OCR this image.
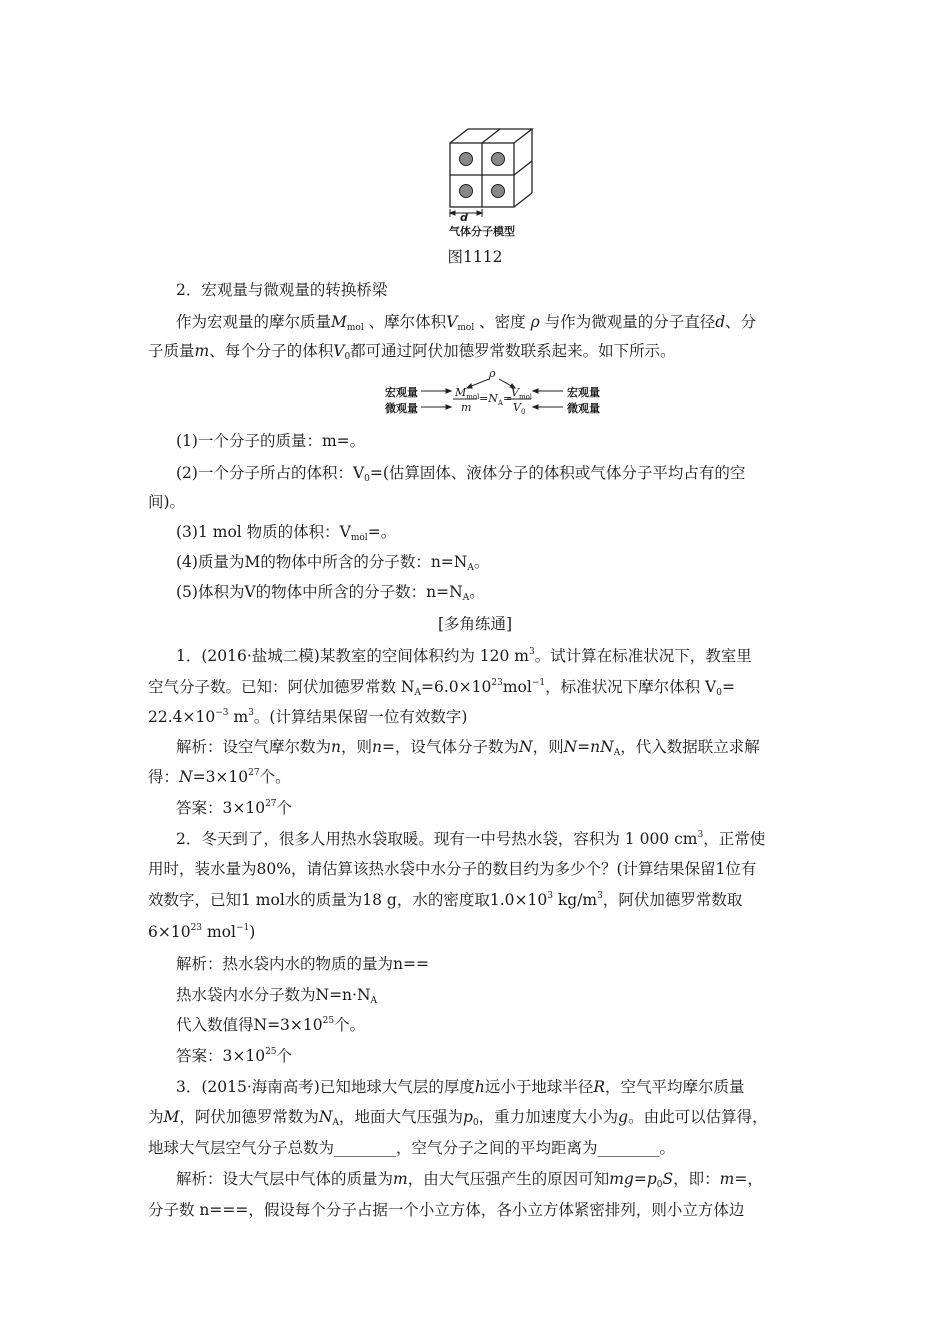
d
气体分子模型
图1112
2．宏观量与微观量的转换桥梁
作为宏观量的摩尔质量$M_{mol}$ 、摩尔体积$V_{mol}$ 、密度 ρ 与作为微观量的分子直径d、分
子质量m、每个分子的体积$V_0$都可通过阿伏加德罗常数联系起来。如下所示。
宏观量
微观量
ρ
$M_{mol}$
m
$=N_A=$
$V_{mol}$
$V_0$
宏观量
微观量
(1)一个分子的质量：m=。
(2)一个分子所占的体积：$V_0=$(估算固体、液体分子的体积或气体分子平均占有的空
间)。
(3)1 mol 物质的体积：$V_{mol}=$。
(4)质量为M的物体中所含的分子数：$n=N_A$。
(5)体积为V的物体中所含的分子数：$n=N_A$。
[多角练通]
1．(2016·盐城二模)某教室的空间体积约为 120 $m^3$。试计算在标准状况下，教室里
空气分子数。已知：阿伏加德罗常数 $N_A=6.0\times 10^{23}mol^{-1}$，标准状况下摩尔体积 $V_0=$
$22.4\times 10^{-3}$ $m^3$。(计算结果保留一位有效数字)
解析：设空气摩尔数为n，则n=，设气体分子数为N，则$N=nN_A$，代入数据联立求解
得：$N=3\times 10^{27}$个。
答案：$3\times 10^{27}$个
2．冬天到了，很多人用热水袋取暖。现有一中号热水袋，容积为 1 000 $cm^3$，正常使
用时，装水量为80%，请估算该热水袋中水分子的数目约为多少个？(计算结果保留1位有
效数字，已知1 mol水的质量为18 g，水的密度取$1.0\times 10^3$ $kg/m^3$，阿伏加德罗常数取
$6\times 10^{23}$ mol$^{-1}$)
解析：热水袋内水的物质的量为n==
热水袋内水分子数为$N=n\cdot N_A$
代入数值得$N=3\times 10^{25}$个。
答案：$3\times 10^{25}$个
3．(2015·海南高考)已知地球大气层的厚度h远小于地球半径R，空气平均摩尔质量
为M，阿伏加德罗常数为$N_A$，地面大气压强为$p_0$，重力加速度大小为g。由此可以估算得，
地球大气层空气分子总数为________，空气分子之间的平均距离为________。
解析：设大气层中气体的质量为m，由大气压强产生的原因可知$mg=p_0S$，即：m=，
分子数 n===，假设每个分子占据一个小立方体，各小立方体紧密排列，则小立方体边
